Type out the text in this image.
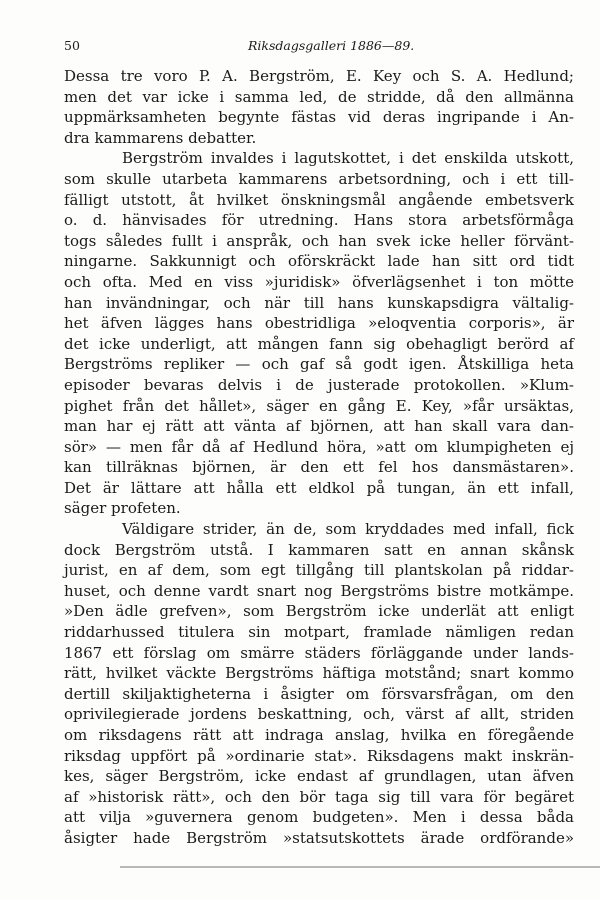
50	Riksdagsgalleri 1886—89.
Dessa tre voro P. A. Bergström, E. Key och S. A. Hedlund;
men det var icke i samma led, de stridde, då den allmänna
uppmärksamheten begynte fästas vid deras ingripande i An-
dra kammarens debatter.
Bergström invaldes i lagutskottet, i det enskilda utskott,
som skulle utarbeta kammarens arbetsordning, och i ett till-
fälligt utstott, åt hvilket önskningsmål angående embetsverk
o. d. hänvisades för utredning. Hans stora arbetsförmåga
togs således fullt i anspråk, och han svek icke heller förvänt-
ningarne. Sakkunnigt och oförskräckt lade han sitt ord tidt
och ofta. Med en viss »juridisk» öfverlägsenhet i ton mötte
han invändningar, och när till hans kunskapsdigra vältalig-
het äfven lägges hans obestridliga »eloqventia corporis», är
det icke underligt, att mången fann sig obehagligt berörd af
Bergströms repliker — och gaf så godt igen. Åtskilliga heta
episoder bevaras delvis i de justerade protokollen. »Klum-
pighet från det hållet», säger en gång E. Key, »får ursäktas,
man har ej rätt att vänta af björnen, att han skall vara dan-
sör» — men får då af Hedlund höra, »att om klumpigheten ej
kan tillräknas björnen, är den ett fel hos dansmästaren».
Det är lättare att hålla ett eldkol på tungan, än ett infall,
säger profeten.
Väldigare strider, än de, som kryddades med infall, fick
dock Bergström utstå. I kammaren satt en annan skånsk
jurist, en af dem, som egt tillgång till plantskolan på riddar-
huset, och denne vardt snart nog Bergströms bistre motkämpe.
»Den ädle grefven», som Bergström icke underlät att enligt
riddarhussed titulera sin motpart, framlade nämligen redan
1867 ett förslag om smärre städers förläggande under lands-
rätt, hvilket väckte Bergströms häftiga motstånd; snart kommo
dertill skiljaktigheterna i åsigter om försvarsfrågan, om den
oprivilegierade jordens beskattning, och, värst af allt, striden
om riksdagens rätt att indraga anslag, hvilka en föregående
riksdag uppfört på »ordinarie stat». Riksdagens makt inskrän-
kes, säger Bergström, icke endast af grundlagen, utan äfven
af »historisk rätt», och den bör taga sig till vara för begäret
att vilja »guvernera genom budgeten». Men i dessa båda
åsigter hade Bergström »statsutskottets ärade ordförande»
